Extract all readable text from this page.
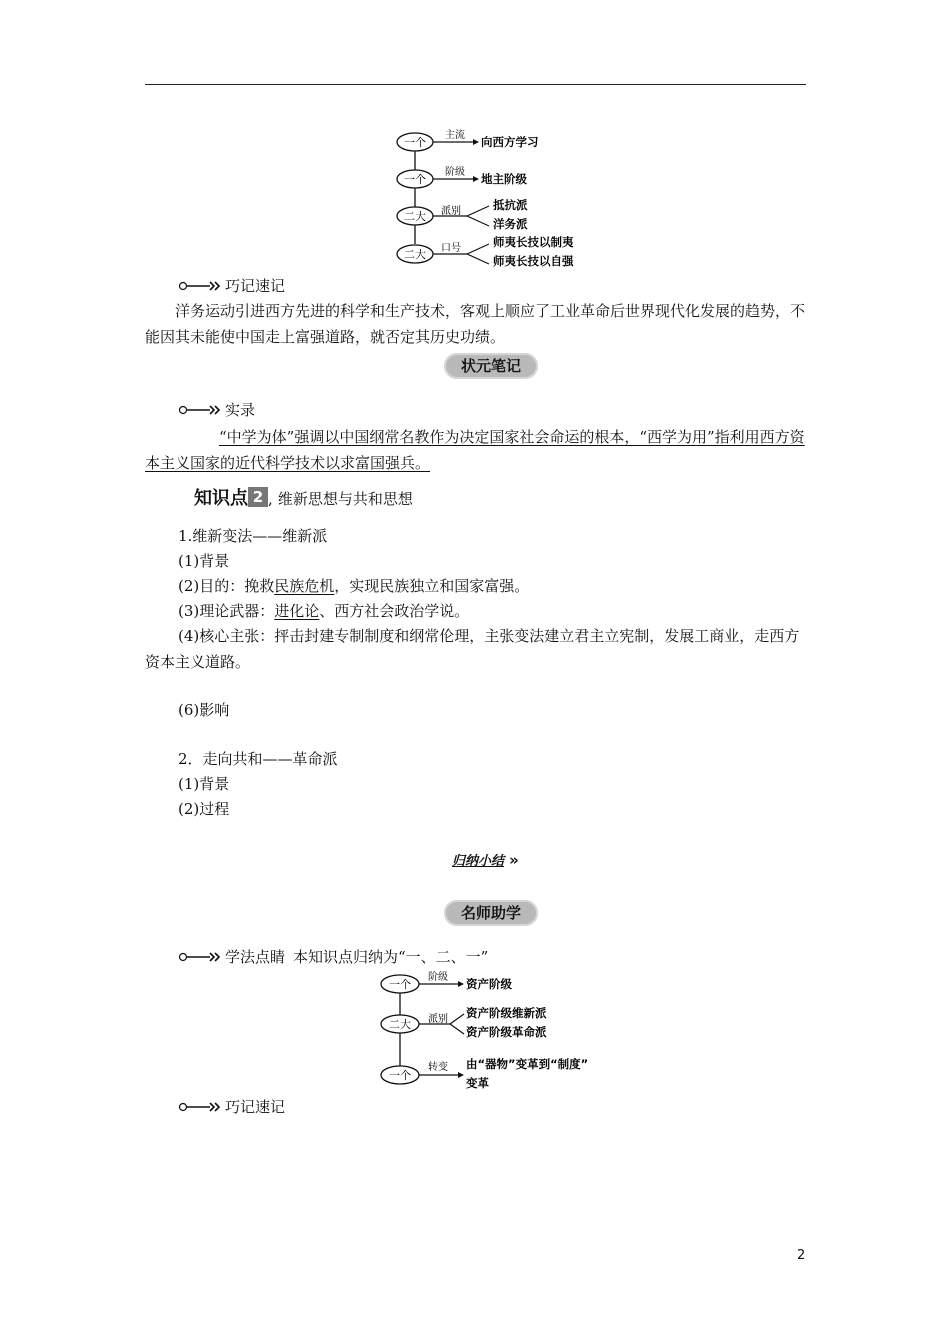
一个
主流 向西方学习
一个
阶级 地主阶级
二大 派别	抵抗派
洋务派
二大 口号	师夷长技以制夷
师夷长技以自强
巧记速记
洋务运动引进西方先进的科学和生产技术，客观上顺应了工业革命后世界现代化发展的趋势，不能因其未能使中国走上富强道路，就否定其历史功绩。
状元笔记
实录
“中学为体”强调以中国纲常名教作为决定国家社会命运的根本，“西学为用”指利用西方资本主义国家的近代科学技术以求富国强兵。
知识点 2 , 维新思想与共和思想
1.维新变法——维新派
(1)背景
(2)目的：挽救民族危机，实现民族独立和国家富强。
(3)理论武器：进化论、西方社会政治学说。
(4)核心主张：抨击封建专制制度和纲常伦理，主张变法建立君主立宪制，发展工商业，走西方资本主义道路。
(6)影响
2．走向共和——革命派
(1)背景
(2)过程
归纳小结 »
名师助学
学法点睛 本知识点归纳为“一、二、一”
一个
阶级 资产阶级
二大 派别 资产阶级维新派
资产阶级革命派
一个
转变 由“器物”变革到“制度”
变革
巧记速记
2
